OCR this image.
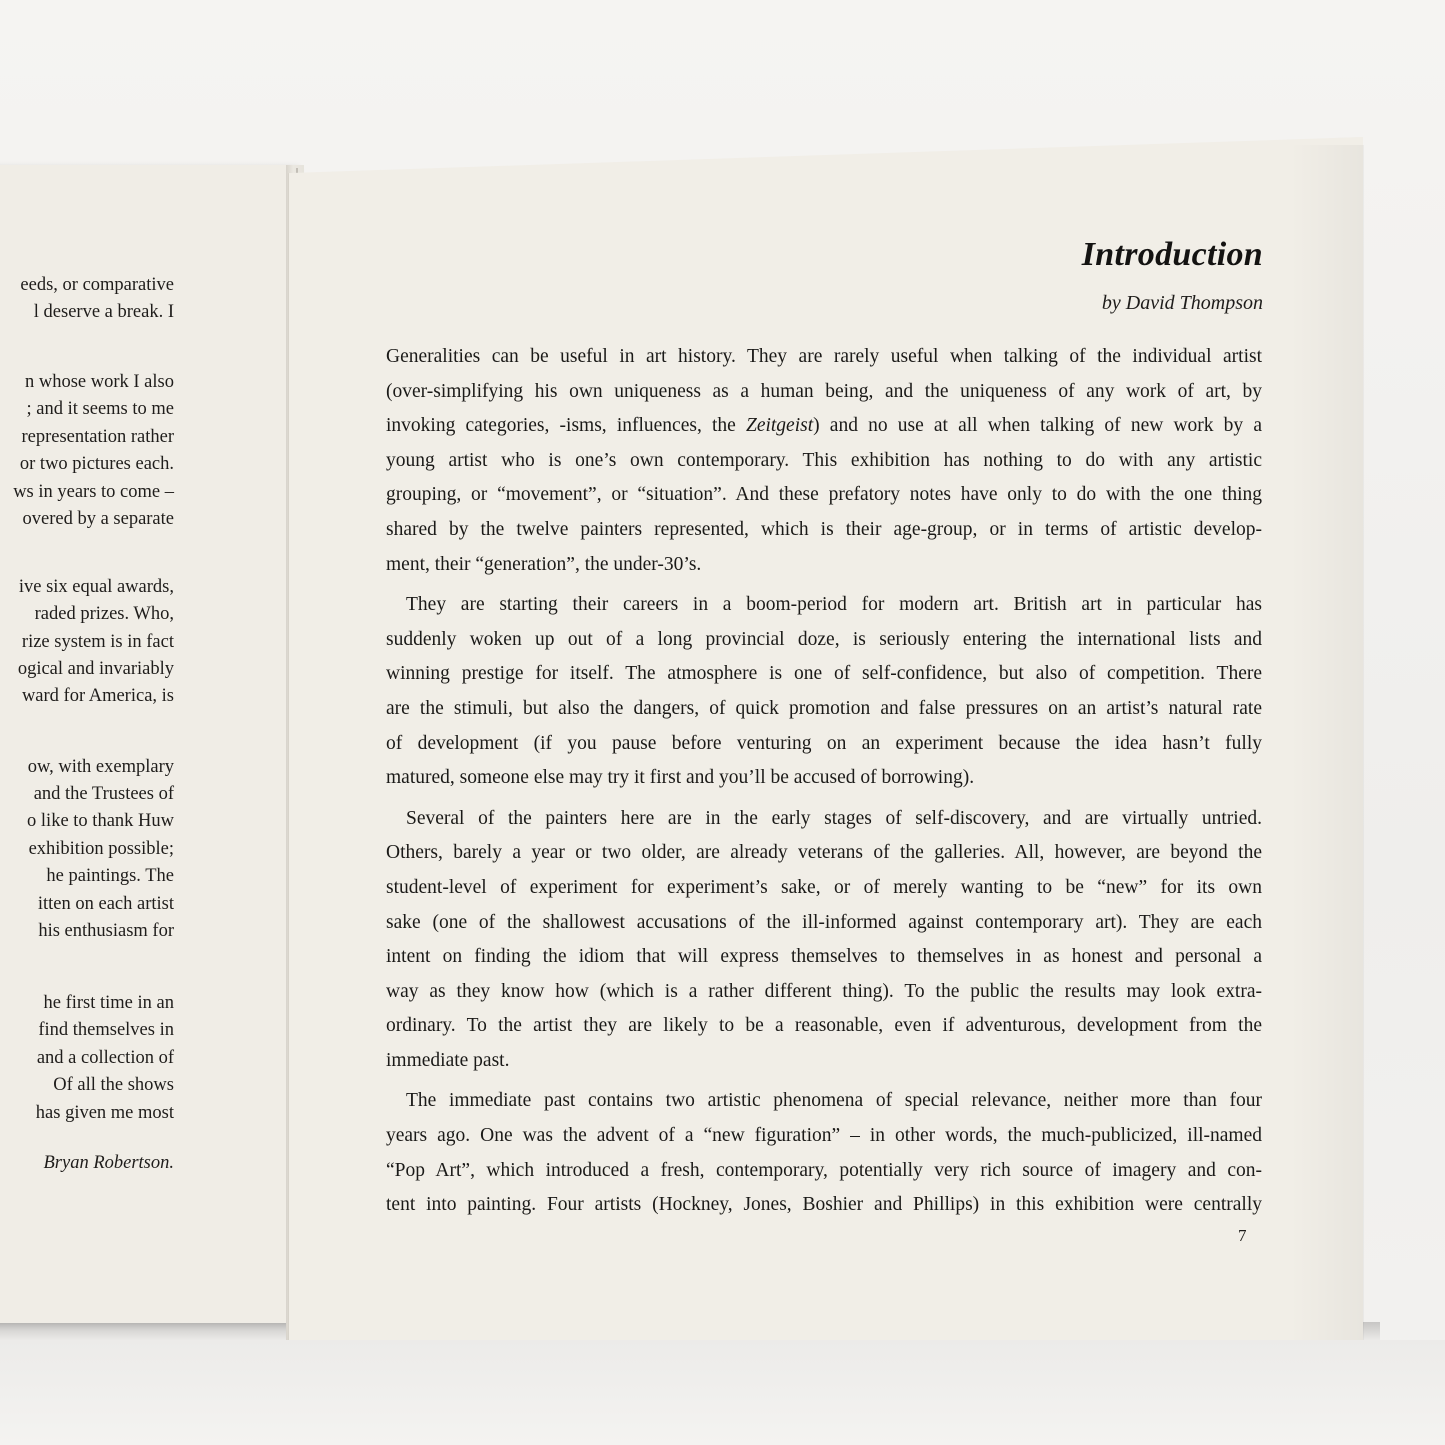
eeds, or comparative
l deserve a break. I
n whose work I also
; and it seems to me
representation rather
or two pictures each.
ws in years to come –
overed by a separate
ive six equal awards,
raded prizes. Who,
rize system is in fact
ogical and invariably
ward for America, is
ow, with exemplary
and the Trustees of
o like to thank Huw
exhibition possible;
he paintings. The
itten on each artist
his enthusiasm for
he first time in an
find themselves in
and a collection of
Of all the shows
has given me most
Bryan Robertson.
Introduction
by David Thompson
Generalities can be useful in art history. They are rarely useful when talking of the individual artist
(over-simplifying his own uniqueness as a human being, and the uniqueness of any work of art, by
invoking categories, -isms, influences, the Zeitgeist) and no use at all when talking of new work by a
young artist who is one’s own contemporary. This exhibition has nothing to do with any artistic
grouping, or “movement”, or “situation”. And these prefatory notes have only to do with the one thing
shared by the twelve painters represented, which is their age-group, or in terms of artistic develop-
ment, their “generation”, the under-30’s.
They are starting their careers in a boom-period for modern art. British art in particular has
suddenly woken up out of a long provincial doze, is seriously entering the international lists and
winning prestige for itself. The atmosphere is one of self-confidence, but also of competition. There
are the stimuli, but also the dangers, of quick promotion and false pressures on an artist’s natural rate
of development (if you pause before venturing on an experiment because the idea hasn’t fully
matured, someone else may try it first and you’ll be accused of borrowing).
Several of the painters here are in the early stages of self-discovery, and are virtually untried.
Others, barely a year or two older, are already veterans of the galleries. All, however, are beyond the
student-level of experiment for experiment’s sake, or of merely wanting to be “new” for its own
sake (one of the shallowest accusations of the ill-informed against contemporary art). They are each
intent on finding the idiom that will express themselves to themselves in as honest and personal a
way as they know how (which is a rather different thing). To the public the results may look extra-
ordinary. To the artist they are likely to be a reasonable, even if adventurous, development from the
immediate past.
The immediate past contains two artistic phenomena of special relevance, neither more than four
years ago. One was the advent of a “new figuration” – in other words, the much-publicized, ill-named
“Pop Art”, which introduced a fresh, contemporary, potentially very rich source of imagery and con-
tent into painting. Four artists (Hockney, Jones, Boshier and Phillips) in this exhibition were centrally
7
